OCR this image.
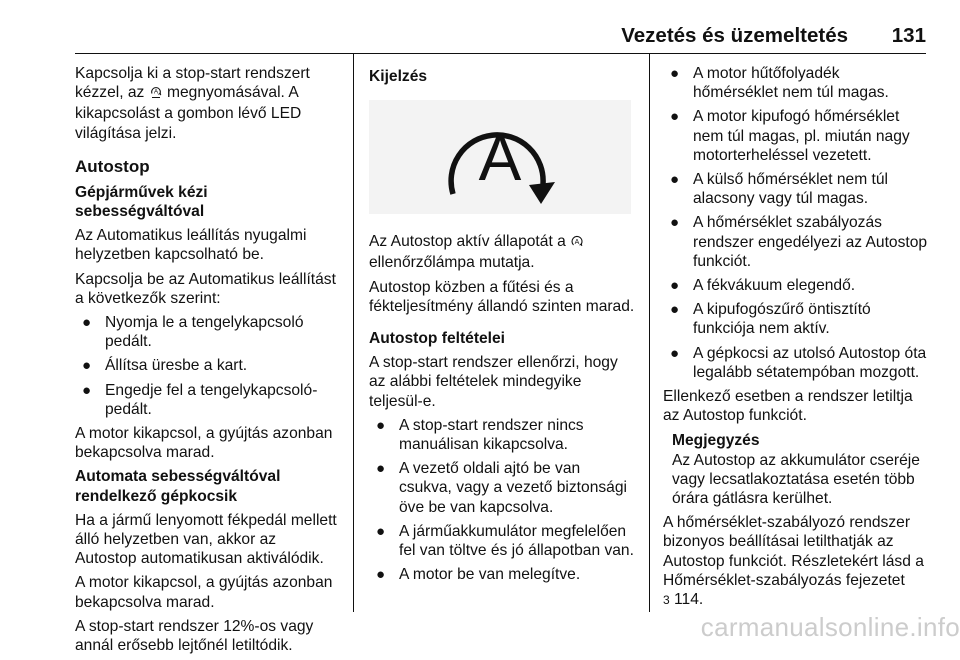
Vezetés és üzemeltetés 131

Kapcsolja ki a stop-start rendszert kézzel, az A megnyomásával. A kikapcsolást a gombon lévő LED világítása jelzi.

Autostop

Gépjárművek kézi sebességváltóval

Az Automatikus leállítás nyugalmi helyzetben kapcsolható be.

Kapcsolja be az Automatikus leállítást a következők szerint:

● Nyomja le a tengelykapcsoló pedált.
● Állítsa üresbe a kart.
● Engedje fel a tengelykapcsoló-pedált.

A motor kikapcsol, a gyújtás azonban bekapcsolva marad.

Automata sebességváltóval rendelkező gépkocsik

Ha a jármű lenyomott fékpedál mellett álló helyzetben van, akkor az Autostop automatikusan aktiválódik.

A motor kikapcsol, a gyújtás azonban bekapcsolva marad.

A stop-start rendszer 12%-os vagy annál erősebb lejtőnél letiltódik.

Kijelzés

A

Az Autostop aktív állapotát a A
ellenőrzőlámpa mutatja.

Autostop közben a fűtési és a fékteljesítmény állandó szinten marad.

Autostop feltételei

A stop-start rendszer ellenőrzi, hogy az alábbi feltételek mindegyike teljesül-e.

● A stop-start rendszer nincs manuálisan kikapcsolva.
● A vezető oldali ajtó be van csukva, vagy a vezető biztonsági öve be van kapcsolva.
● A járműakkumulátor megfelelően fel van töltve és jó állapotban van.
● A motor be van melegítve.
● A motor hűtőfolyadék hőmérséklet nem túl magas.
● A motor kipufogó hőmérséklet nem túl magas, pl. miután nagy motorterheléssel vezetett.
● A külső hőmérséklet nem túl alacsony vagy túl magas.
● A hőmérséklet szabályozás rendszer engedélyezi az Autostop funkciót.
● A fékvákuum elegendő.
● A kipufogószűrő öntisztító funkciója nem aktív.
● A gépkocsi az utolsó Autostop óta legalább sétatempóban mozgott.

Ellenkező esetben a rendszer letiltja az Autostop funkciót.

Megjegyzés

Az Autostop az akkumulátor cseréje vagy lecsatlakoztatása esetén több órára gátlásra kerülhet.

A hőmérséklet-szabályozó rendszer bizonyos beállításai letilthatják az Autostop funkciót. Részletekért lásd a Hőmérséklet-szabályozás fejezetet 3 114.

carmanualsonline.info
